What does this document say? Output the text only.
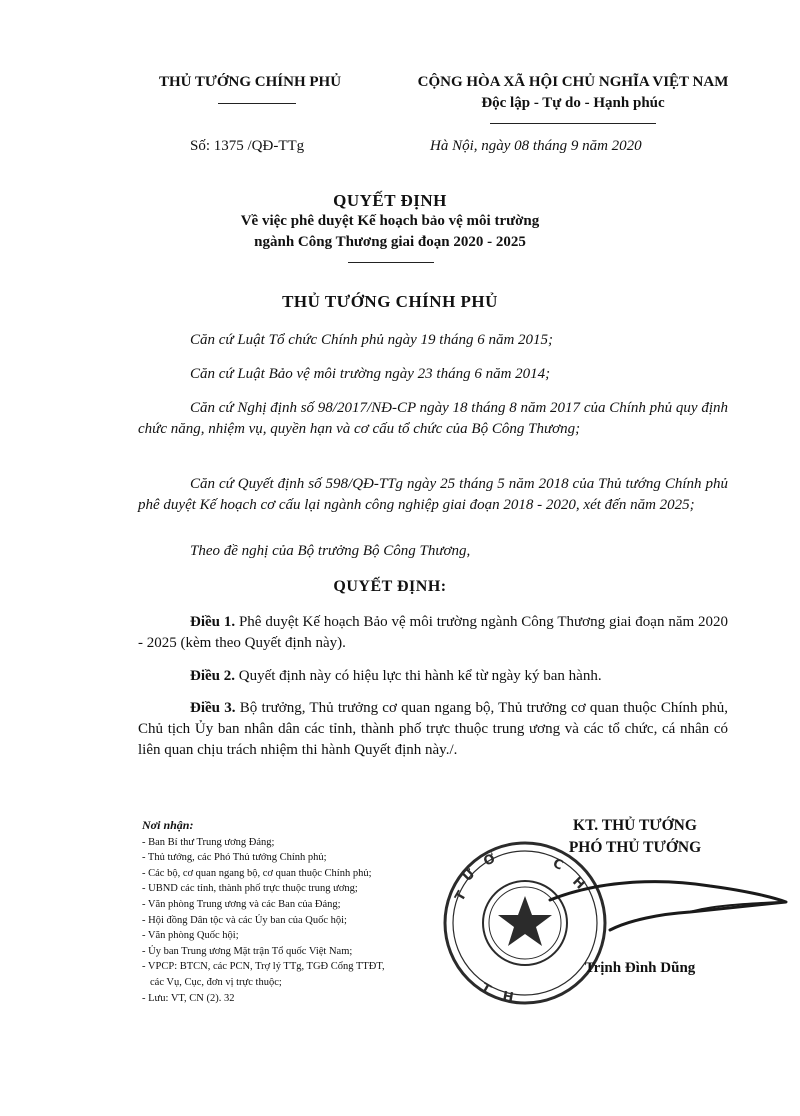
THỦ TƯỚNG CHÍNH PHỦ	CỘNG HÒA XÃ HỘI CHỦ NGHĨA VIỆT NAM
Độc lập - Tự do - Hạnh phúc
Số: 1375 /QĐ-TTg	Hà Nội, ngày 08 tháng 9 năm 2020
QUYẾT ĐỊNH
Về việc phê duyệt Kế hoạch bảo vệ môi trường
ngành Công Thương giai đoạn 2020 - 2025
THỦ TƯỚNG CHÍNH PHỦ
Căn cứ Luật Tổ chức Chính phủ ngày 19 tháng 6 năm 2015;
Căn cứ Luật Bảo vệ môi trường ngày 23 tháng 6 năm 2014;
Căn cứ Nghị định số 98/2017/NĐ-CP ngày 18 tháng 8 năm 2017 của Chính phủ quy định chức năng, nhiệm vụ, quyền hạn và cơ cấu tổ chức của Bộ Công Thương;
Căn cứ Quyết định số 598/QĐ-TTg ngày 25 tháng 5 năm 2018 của Thủ tướng Chính phủ phê duyệt Kế hoạch cơ cấu lại ngành công nghiệp giai đoạn 2018 - 2020, xét đến năm 2025;
Theo đề nghị của Bộ trưởng Bộ Công Thương,
QUYẾT ĐỊNH:
Điều 1. Phê duyệt Kế hoạch Bảo vệ môi trường ngành Công Thương giai đoạn năm 2020 - 2025 (kèm theo Quyết định này).
Điều 2. Quyết định này có hiệu lực thi hành kể từ ngày ký ban hành.
Điều 3. Bộ trưởng, Thủ trưởng cơ quan ngang bộ, Thủ trưởng cơ quan thuộc Chính phủ, Chủ tịch Ủy ban nhân dân các tỉnh, thành phố trực thuộc trung ương và các tổ chức, cá nhân có liên quan chịu trách nhiệm thi hành Quyết định này./.
Nơi nhận:
- Ban Bí thư Trung ương Đảng;
- Thủ tướng, các Phó Thủ tướng Chính phủ;
- Các bộ, cơ quan ngang bộ, cơ quan thuộc Chính phủ;
- UBND các tỉnh, thành phố trực thuộc trung ương;
- Văn phòng Trung ương và các Ban của Đảng;
- Hội đồng Dân tộc và các Ủy ban của Quốc hội;
- Văn phòng Quốc hội;
- Ủy ban Trung ương Mặt trận Tổ quốc Việt Nam;
- VPCP: BTCN, các PCN, Trợ lý TTg, TGĐ Cổng TTĐT,
các Vụ, Cục, đơn vị trực thuộc;
- Lưu: VT, CN (2). 32
T
Ư
Ớ	C
H
T H
KT. THỦ TƯỚNG
PHÓ THỦ TƯỚNG
Trịnh Đình Dũng
